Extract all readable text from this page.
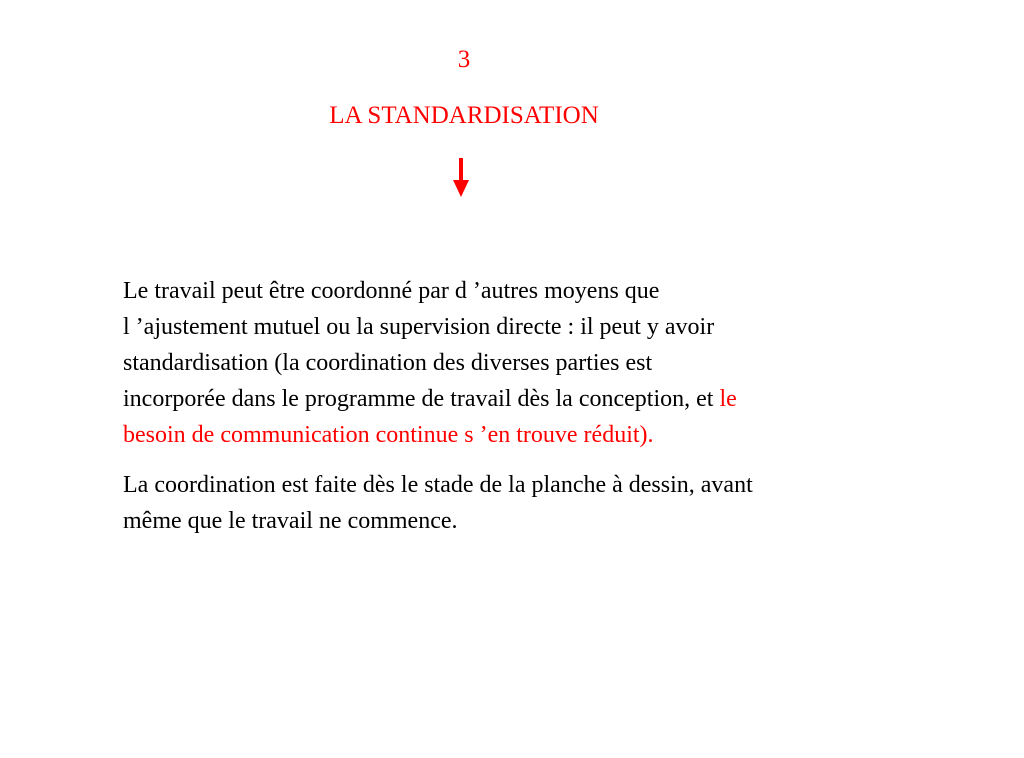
3
LA STANDARDISATION

Le travail peut être coordonné par d ’autres moyens que
l ’ajustement mutuel ou la supervision directe : il peut y avoir
standardisation (la coordination des diverses parties est
incorporée dans le programme de travail dès la conception, et le
besoin de communication continue s ’en trouve réduit).

La coordination est faite dès le stade de la planche à dessin, avant
même que le travail ne commence.
